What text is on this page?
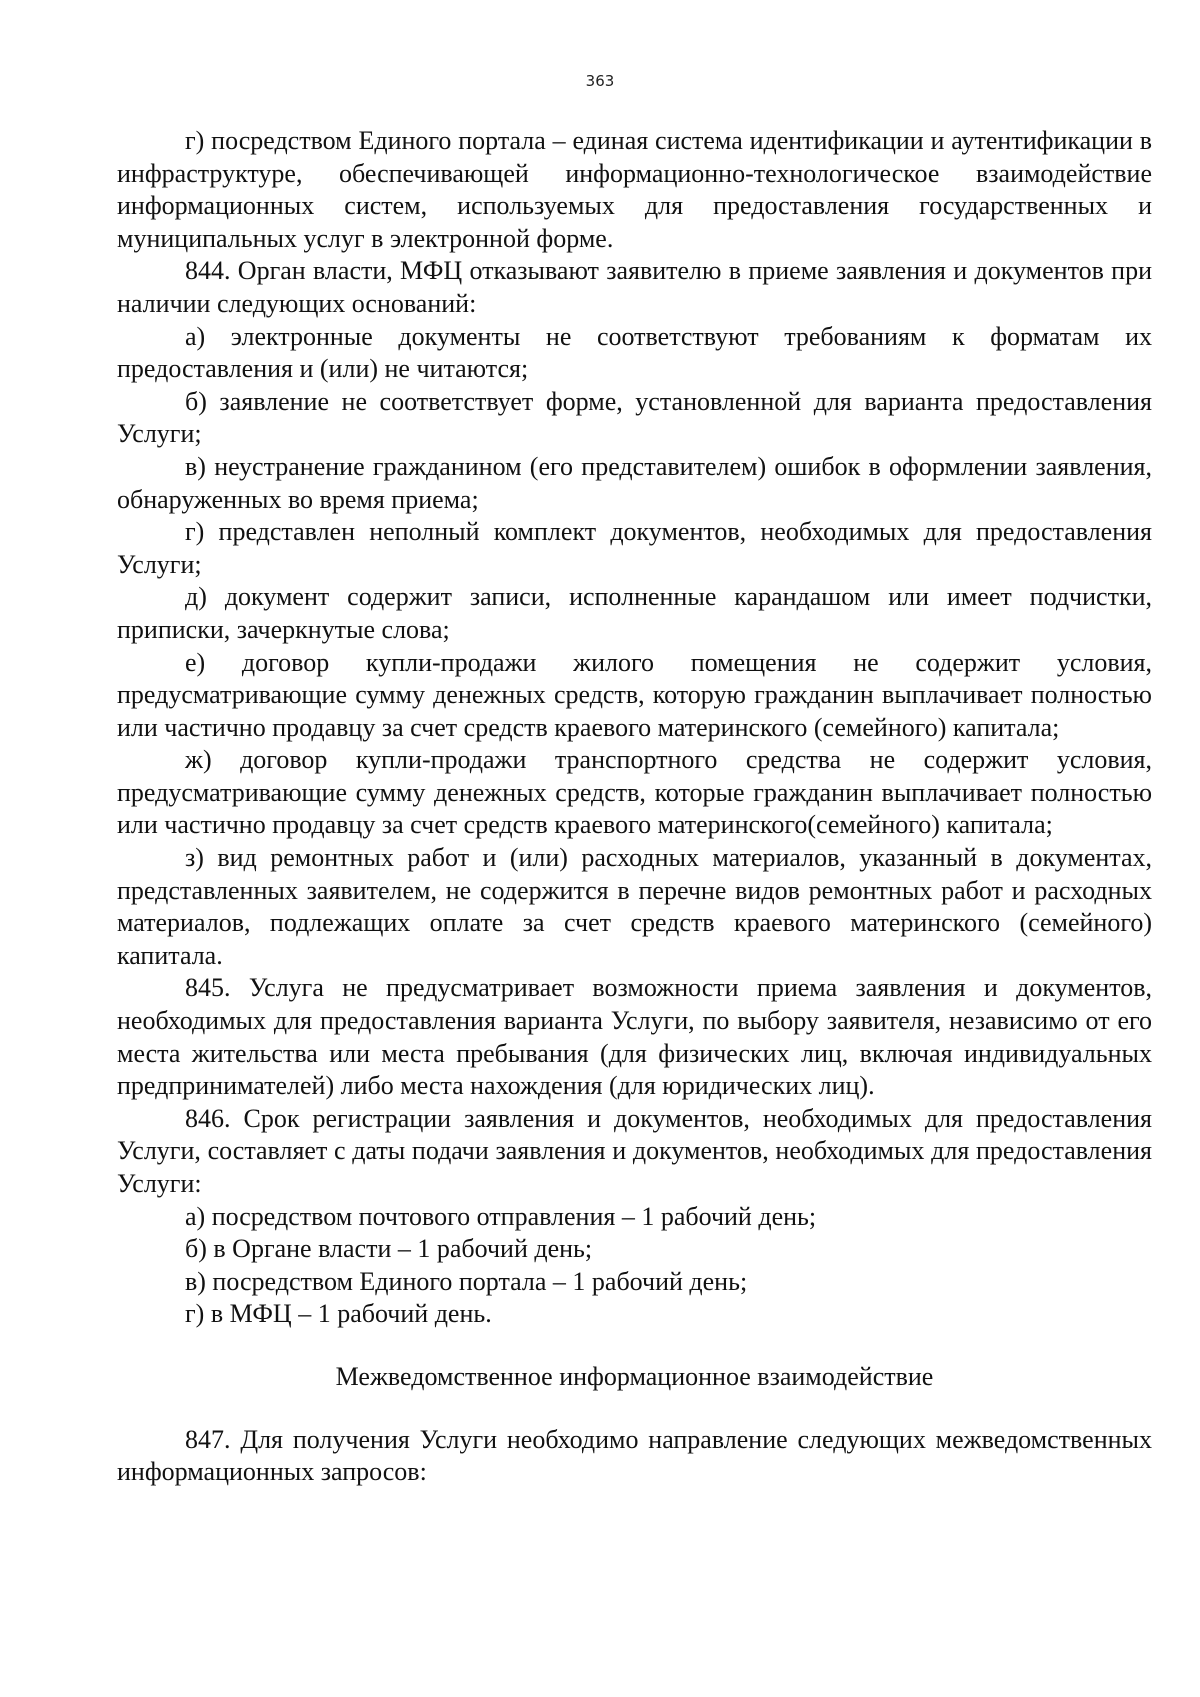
363

г) посредством Единого портала – единая система идентификации и аутентификации в инфраструктуре, обеспечивающей информационно-технологическое взаимодействие информационных систем, используемых для предоставления государственных и муниципальных услуг в электронной форме.

844. Орган власти, МФЦ отказывают заявителю в приеме заявления и документов при наличии следующих оснований:

а) электронные документы не соответствуют требованиям к форматам их предоставления и (или) не читаются;

б) заявление не соответствует форме, установленной для варианта предоставления Услуги;

в) неустранение гражданином (его представителем) ошибок в оформлении заявления, обнаруженных во время приема;

г) представлен неполный комплект документов, необходимых для предоставления Услуги;

д) документ содержит записи, исполненные карандашом или имеет подчистки, приписки, зачеркнутые слова;

е) договор купли-продажи жилого помещения не содержит условия, предусматривающие сумму денежных средств, которую гражданин выплачивает полностью или частично продавцу за счет средств краевого материнского (семейного) капитала;

ж) договор купли-продажи транспортного средства не содержит условия, предусматривающие сумму денежных средств, которые гражданин выплачивает полностью или частично продавцу за счет средств краевого материнского(семейного) капитала;

з) вид ремонтных работ и (или) расходных материалов, указанный в документах, представленных заявителем, не содержится в перечне видов ремонтных работ и расходных материалов, подлежащих оплате за счет средств краевого материнского (семейного) капитала.

845. Услуга не предусматривает возможности приема заявления и документов, необходимых для предоставления варианта Услуги, по выбору заявителя, независимо от его места жительства или места пребывания (для физических лиц, включая индивидуальных предпринимателей) либо места нахождения (для юридических лиц).

846. Срок регистрации заявления и документов, необходимых для предоставления Услуги, составляет с даты подачи заявления и документов, необходимых для предоставления Услуги:

а) посредством почтового отправления – 1 рабочий день;

б) в Органе власти – 1 рабочий день;

в) посредством Единого портала – 1 рабочий день;

г) в МФЦ – 1 рабочий день.

Межведомственное информационное взаимодействие

847. Для получения Услуги необходимо направление следующих межведомственных информационных запросов:
